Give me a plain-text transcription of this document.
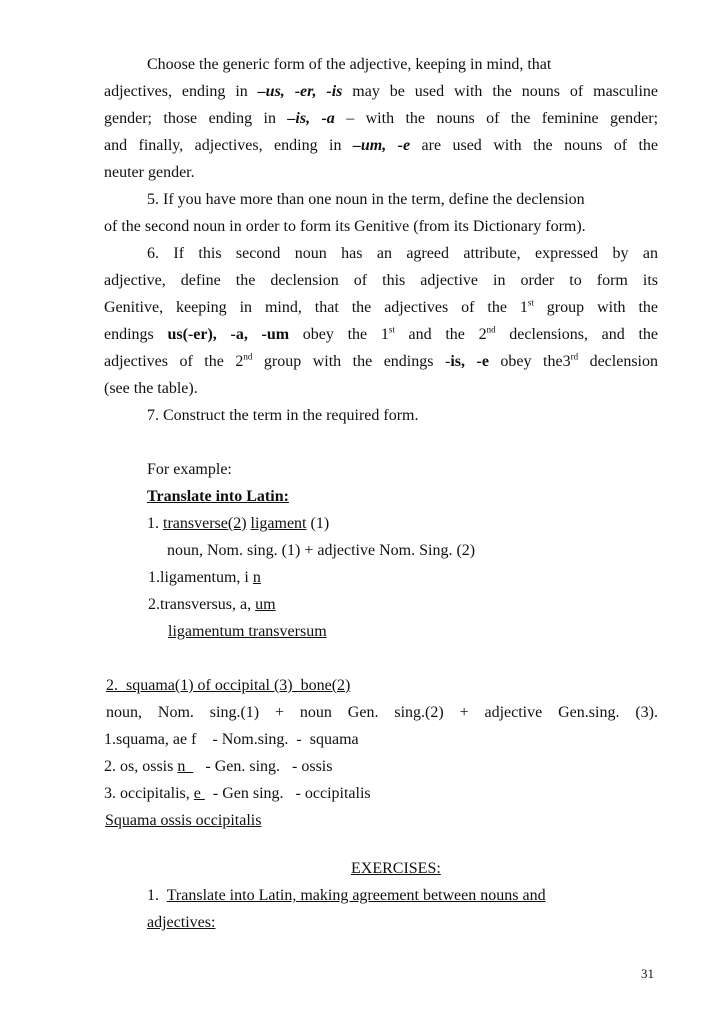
Choose the generic form of the adjective, keeping in mind, that
adjectives, ending in –us, -er, -is may be used with the nouns of masculine
gender; those ending in –is, -a – with the nouns of the feminine gender;
and finally, adjectives, ending in –um, -e are used with the nouns of the
neuter gender.
5. If you have more than one noun in the term, define the declension
of the second noun in order to form its Genitive (from its Dictionary form).
6. If this second noun has an agreed attribute, expressed by an
adjective, define the declension of this adjective in order to form its
Genitive, keeping in mind, that the adjectives of the 1st group with the
endings us(-er), -a, -um obey the 1st and the 2nd declensions, and the
adjectives of the 2nd group with the endings -is, -e obey the3rd declension
(see the table).
7. Construct the term in the required form.
For example:
Translate into Latin:
1. transverse(2) ligament (1)
noun, Nom. sing. (1) + adjective Nom. Sing. (2)
1.ligamentum, i n
2.transversus, a, um
ligamentum transversum
2.  squama(1) of occipital (3)  bone(2)
noun, Nom. sing.(1) + noun Gen. sing.(2) + adjective Gen.sing. (3).
1.squama, ae f    - Nom.sing.  -  squama
2. os, ossis n     - Gen. sing.   - ossis
3. occipitalis, e   - Gen sing.   - occipitalis
Squama ossis occipitalis
EXERCISES:
1.  Translate into Latin, making agreement between nouns and
adjectives:
31
